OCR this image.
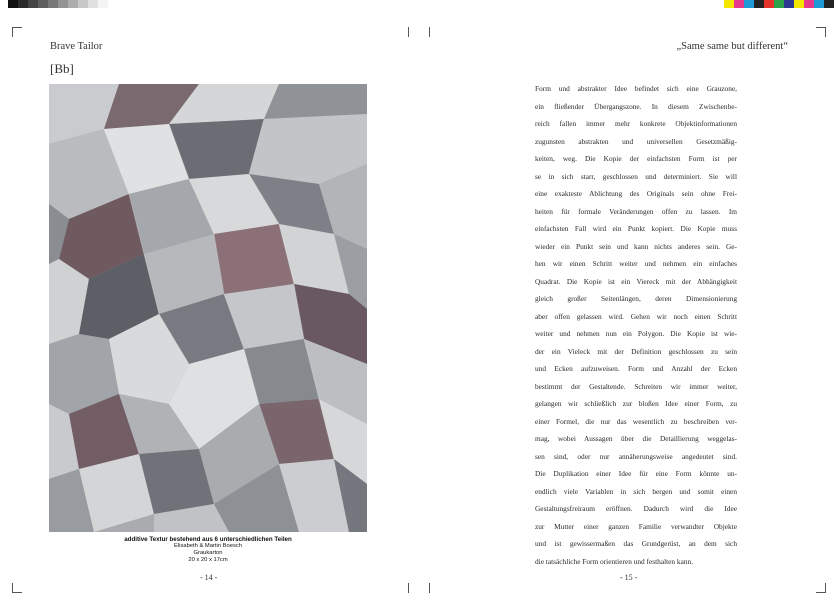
Brave Tailor
[Bb]
additive Textur bestehend aus 6 unterschiedlichen Teilen
Elisabeth & Martin Boesch
Graukarton
20 x 20 x 17cm
- 14 -
„Same same but different“
- 15 -
Form und abstrakter Idee befindet sich eine Grauzone,
ein fließender Übergangszone. In diesem Zwischenbe-
reich fallen immer mehr konkrete Objektinformationen
zugunsten abstrakten und universellen Gesetzmäßig-
keiten, weg. Die Kopie der einfachsten Form ist per
se in sich starr, geschlossen und determiniert. Sie will
eine exakteste Ablichtung des Originals sein ohne Frei-
heiten für formale Veränderungen offen zu lassen. Im
einfachsten Fall wird ein Punkt kopiert. Die Kopie muss
wieder ein Punkt sein und kann nichts anderes sein. Ge-
hen wir einen Schritt weiter und nehmen ein einfaches
Quadrat. Die Kopie ist ein Viereck mit der Abhängigkeit
gleich großer Seitenlängen, deren Dimensionierung
aber offen gelassen wird. Gehen wir noch einen Schritt
weiter und nehmen nun ein Polygon. Die Kopie ist wie-
der ein Vieleck mit der Definition geschlossen zu sein
und Ecken aufzuweisen. Form und Anzahl der Ecken
bestimmt der Gestaltende. Schreiten wir immer weiter,
gelangen wir schließlich zur bloßen Idee einer Form, zu
einer Formel, die nur das wesentlich zu beschreiben ver-
mag, wobei Aussagen über die Detaillierung weggelas-
sen sind, oder nur annäherungsweise angedeutet sind.
Die Duplikation einer Idee für eine Form könnte un-
endlich viele Variablen in sich bergen und somit einen
Gestaltungsfreiraum eröffnen. Dadurch wird die Idee
zur Mutter einer ganzen Familie verwandter Objekte
und ist gewissermaßen das Grundgerüst, an dem sich
die tatsächliche Form orientieren und festhalten kann.
